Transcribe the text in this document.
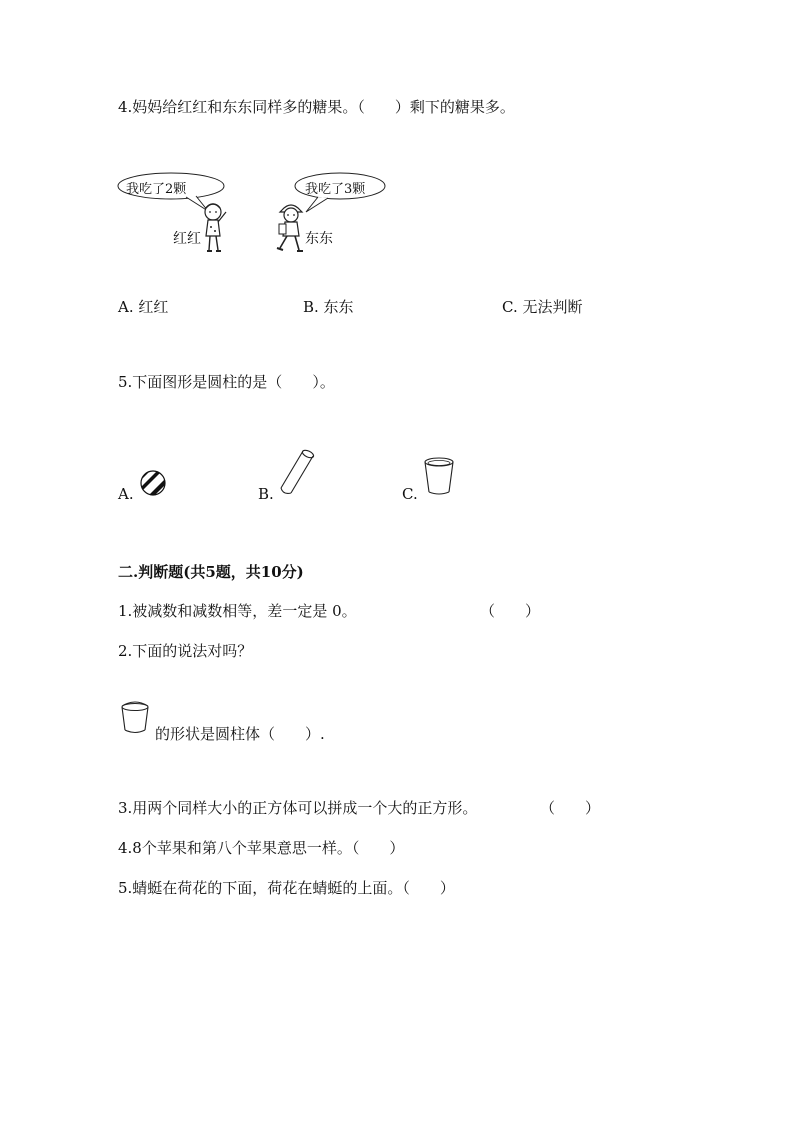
4.妈妈给红红和东东同样多的糖果。（　　）剩下的糖果多。
我吃了2颗
红红
我吃了3颗
东东
A. 红红	B. 东东	C. 无法判断
5.下面图形是圆柱的是（　　）。
A.	B.	C.
二.判断题(共5题，共10分)
1.被减数和减数相等，差一定是 0。	（　　）
2.下面的说法对吗？
的形状是圆柱体（　　）.
3.用两个同样大小的正方体可以拼成一个大的正方形。	（　　）
4.8个苹果和第八个苹果意思一样。（　　）
5.蜻蜓在荷花的下面，荷花在蜻蜓的上面。（　　）
